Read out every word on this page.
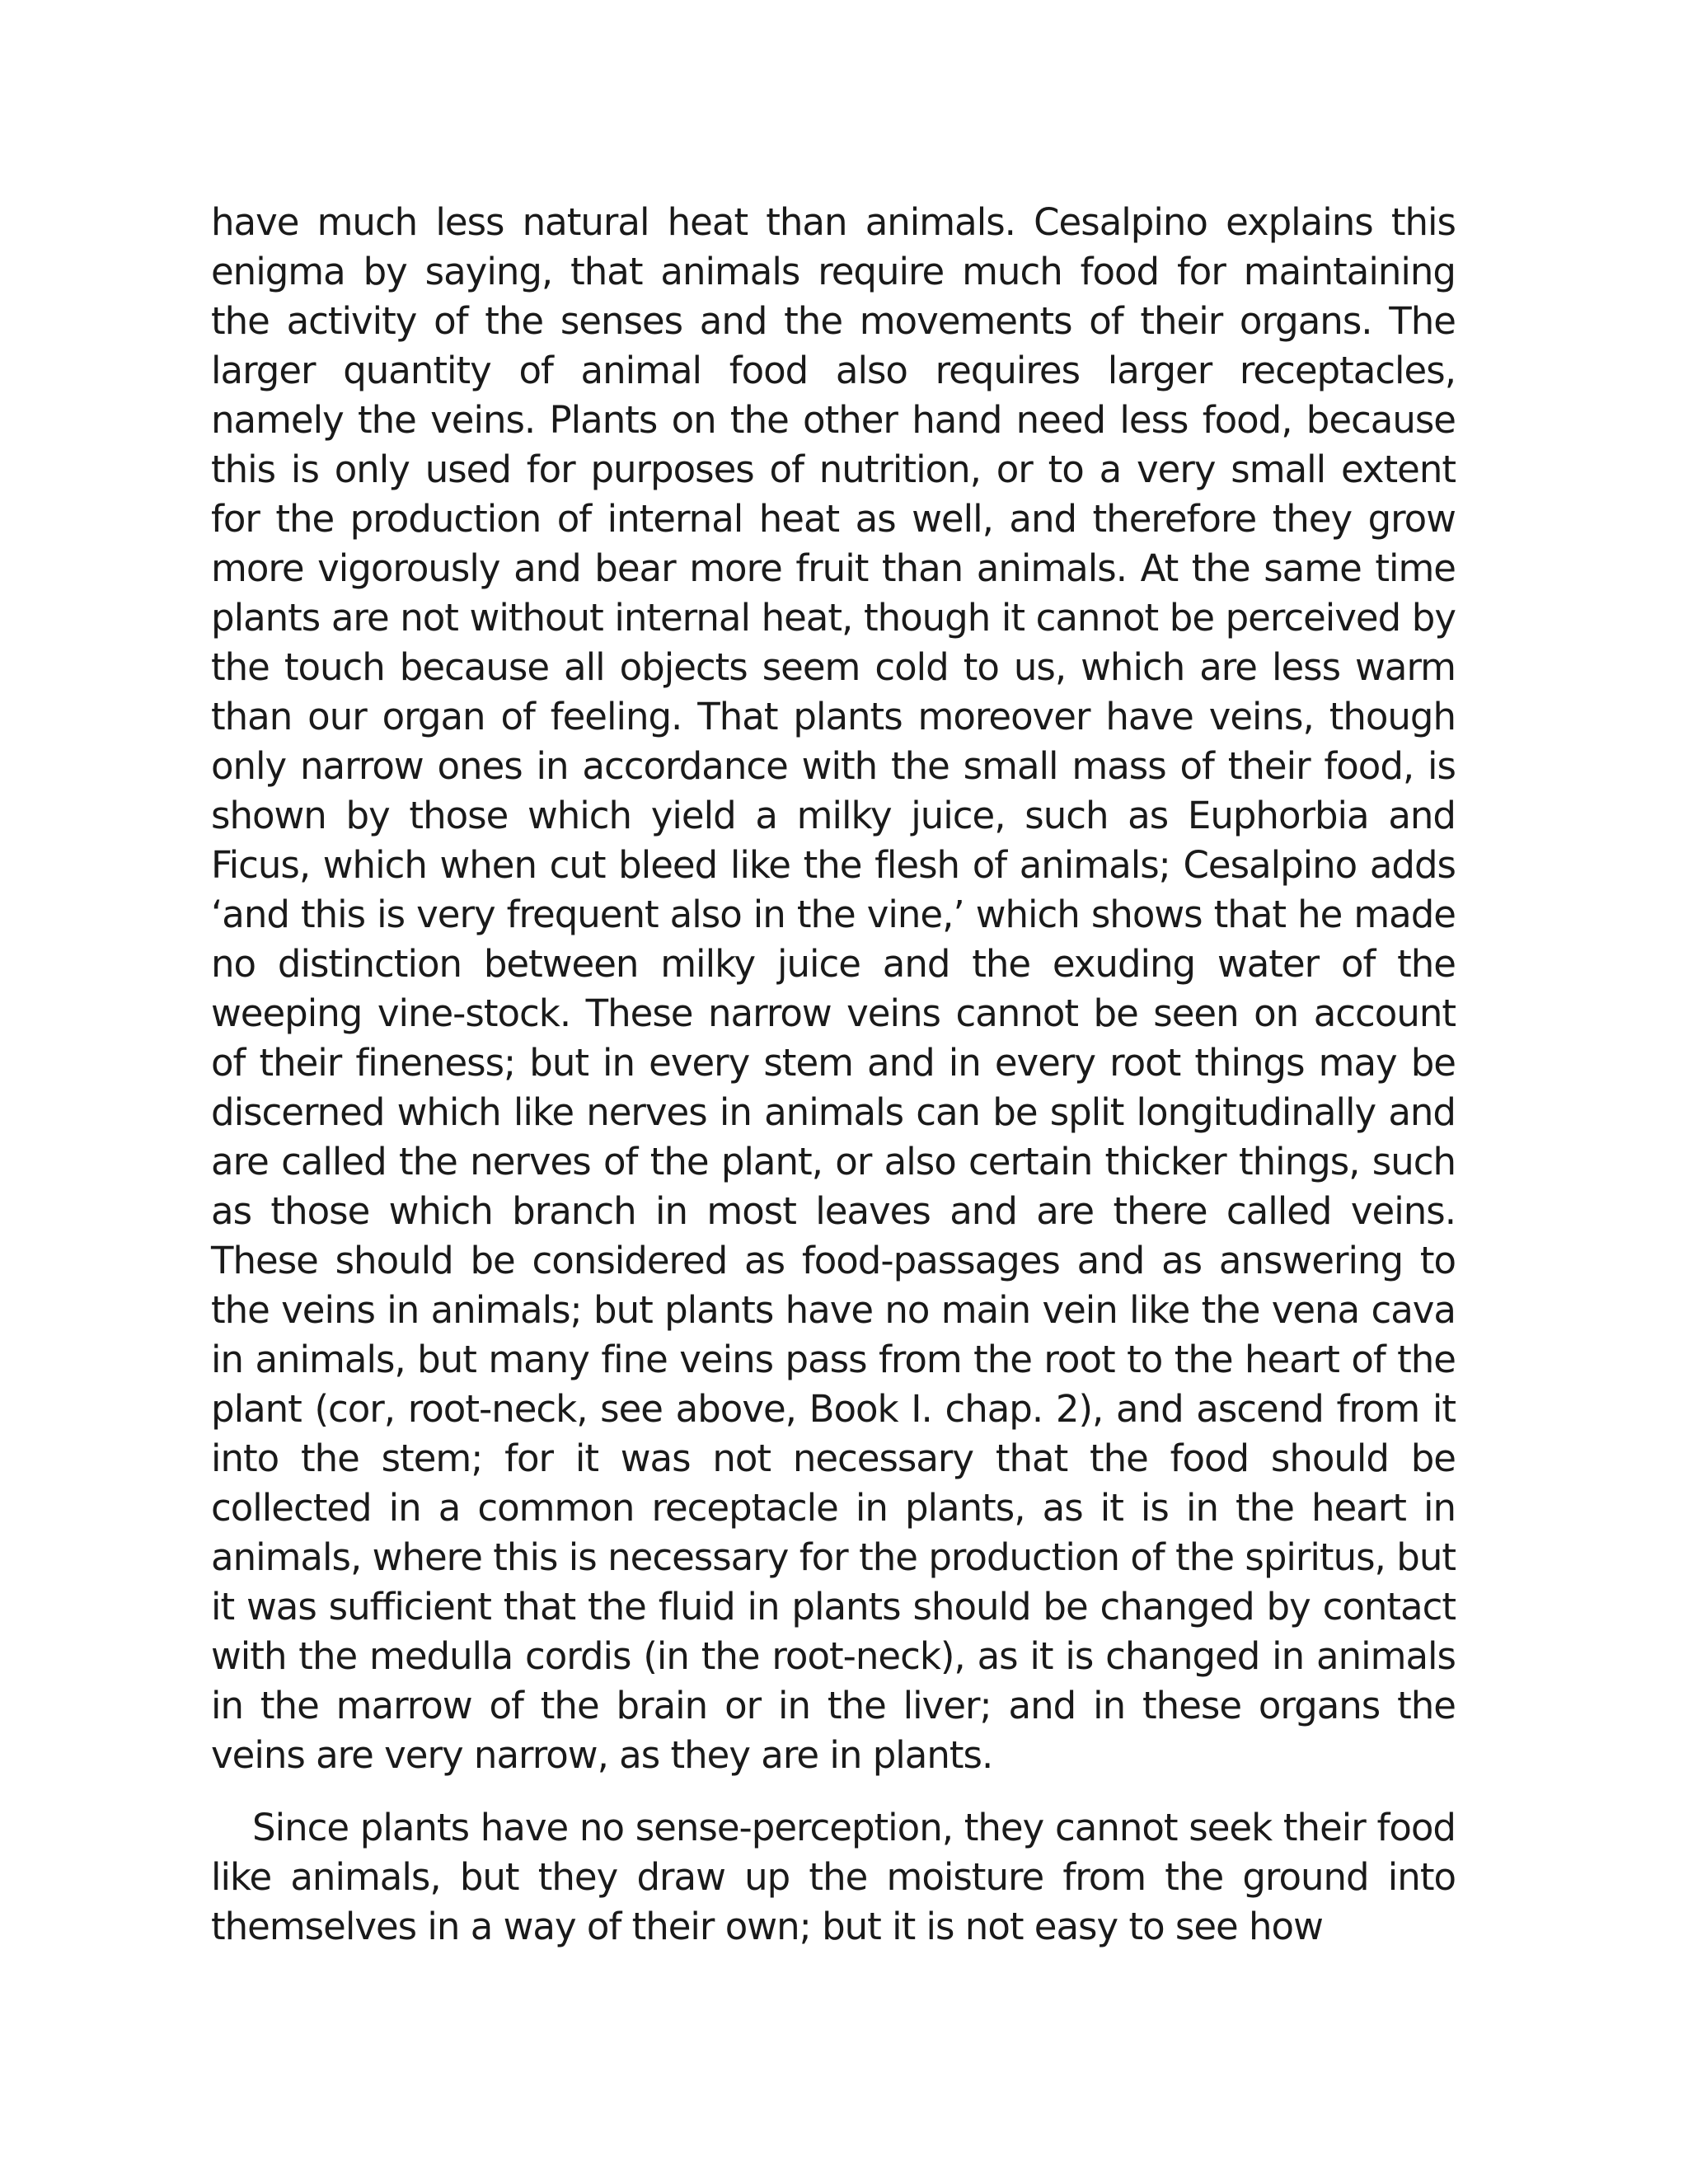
have much less natural heat than animals. Cesalpino explains this enigma by saying, that animals require much food for maintaining the activity of the senses and the movements of their organs. The larger quantity of animal food also requires larger receptacles, namely the veins. Plants on the other hand need less food, because this is only used for purposes of nutrition, or to a very small extent for the production of internal heat as well, and therefore they grow more vigorously and bear more fruit than animals. At the same time plants are not without internal heat, though it cannot be perceived by the touch because all objects seem cold to us, which are less warm than our organ of feeling. That plants moreover have veins, though only narrow ones in accordance with the small mass of their food, is shown by those which yield a milky juice, such as Euphorbia and Ficus, which when cut bleed like the flesh of animals; Cesalpino adds ‘and this is very frequent also in the vine,’ which shows that he made no distinction between milky juice and the exuding water of the weeping vine-stock. These narrow veins cannot be seen on account of their fineness; but in every stem and in every root things may be discerned which like nerves in animals can be split longitudinally and are called the nerves of the plant, or also certain thicker things, such as those which branch in most leaves and are there called veins. These should be considered as food-passages and as answering to the veins in animals; but plants have no main vein like the vena cava in animals, but many fine veins pass from the root to the heart of the plant (cor, root-neck, see above, Book I. chap. 2), and ascend from it into the stem; for it was not necessary that the food should be collected in a common receptacle in plants, as it is in the heart in animals, where this is necessary for the production of the spiritus, but it was sufficient that the fluid in plants should be changed by contact with the medulla cordis (in the root-neck), as it is changed in animals in the marrow of the brain or in the liver; and in these organs the veins are very narrow, as they are in plants.

Since plants have no sense-perception, they cannot seek their food like animals, but they draw up the moisture from the ground into themselves in a way of their own; but it is not easy to see how
